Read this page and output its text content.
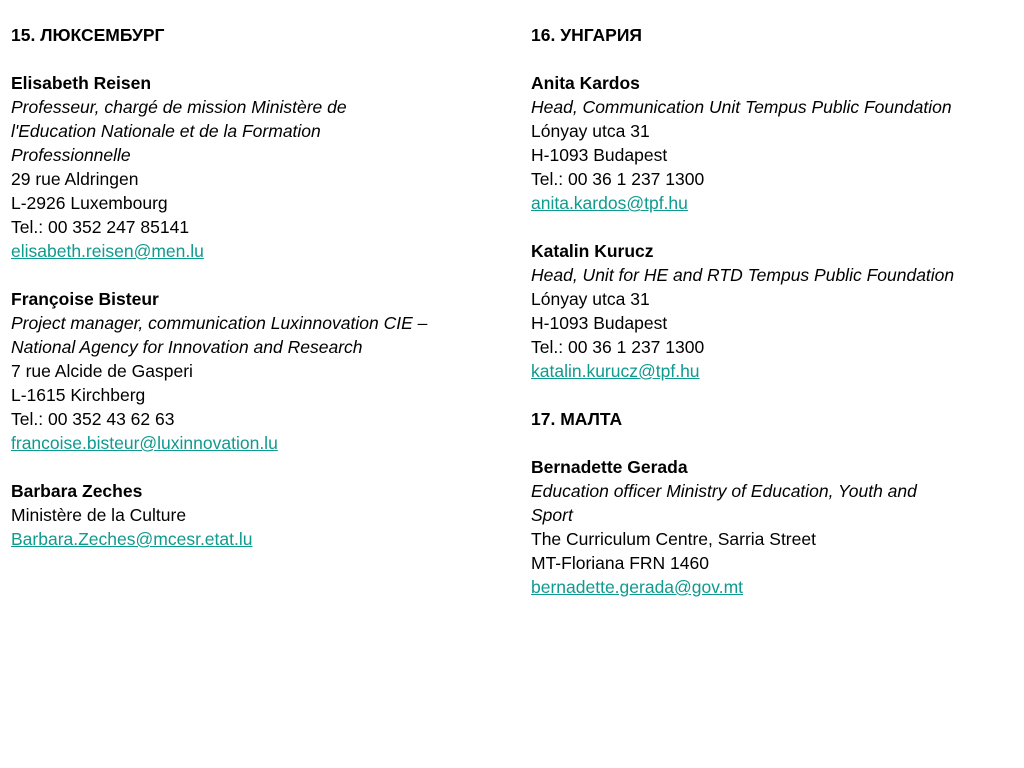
15. ЛЮКСЕМБУРГ
Elisabeth Reisen
Professeur, chargé de mission Ministère de
l'Education Nationale et de la Formation
Professionnelle
29 rue Aldringen
L-2926 Luxembourg
Tel.: 00 352 247 85141
elisabeth.reisen@men.lu
Françoise Bisteur
Project manager, communication Luxinnovation CIE –
National Agency for Innovation and Research
7 rue Alcide de Gasperi
L-1615 Kirchberg
Tel.: 00 352 43 62 63
francoise.bisteur@luxinnovation.lu
Barbara Zeches
Ministère de la Culture
Barbara.Zeches@mcesr.etat.lu
16. УНГАРИЯ
Anita Kardos
Head, Communication Unit Tempus Public Foundation
Lónyay utca 31
H-1093 Budapest
Tel.: 00 36 1 237 1300
anita.kardos@tpf.hu
Katalin Kurucz
Head, Unit for HE and RTD Tempus Public Foundation
Lónyay utca 31
H-1093 Budapest
Tel.: 00 36 1 237 1300
katalin.kurucz@tpf.hu
17. МАЛТА
Bernadette Gerada
Education officer Ministry of Education, Youth and
Sport
The Curriculum Centre, Sarria Street
MT-Floriana FRN 1460
bernadette.gerada@gov.mt
